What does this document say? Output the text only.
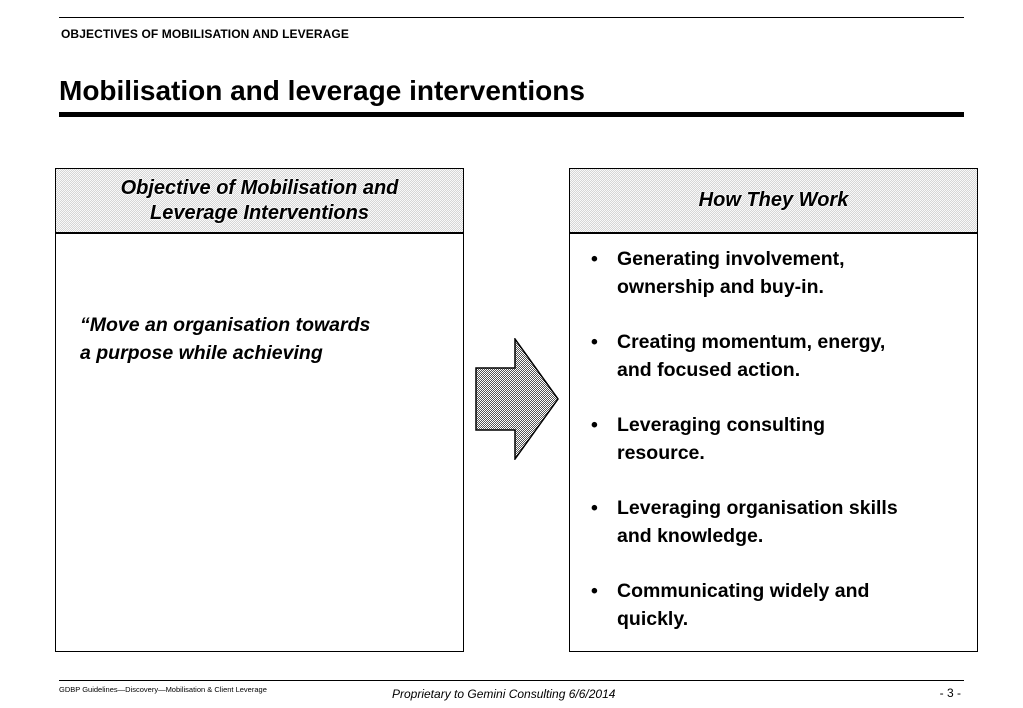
OBJECTIVES OF MOBILISATION AND LEVERAGE
Mobilisation and leverage interventions
Objective of Mobilisation and
Leverage Interventions
“Move an organisation towards
a purpose while achieving
How They Work
• Generating involvement,
ownership and buy-in.
• Creating momentum, energy,
and focused action.
• Leveraging consulting
resource.
• Leveraging organisation skills
and knowledge.
• Communicating widely and
quickly.
GDBP Guidelines—Discovery—Mobilisation & Client Leverage	Proprietary to Gemini Consulting 6/6/2014	- 3 -
